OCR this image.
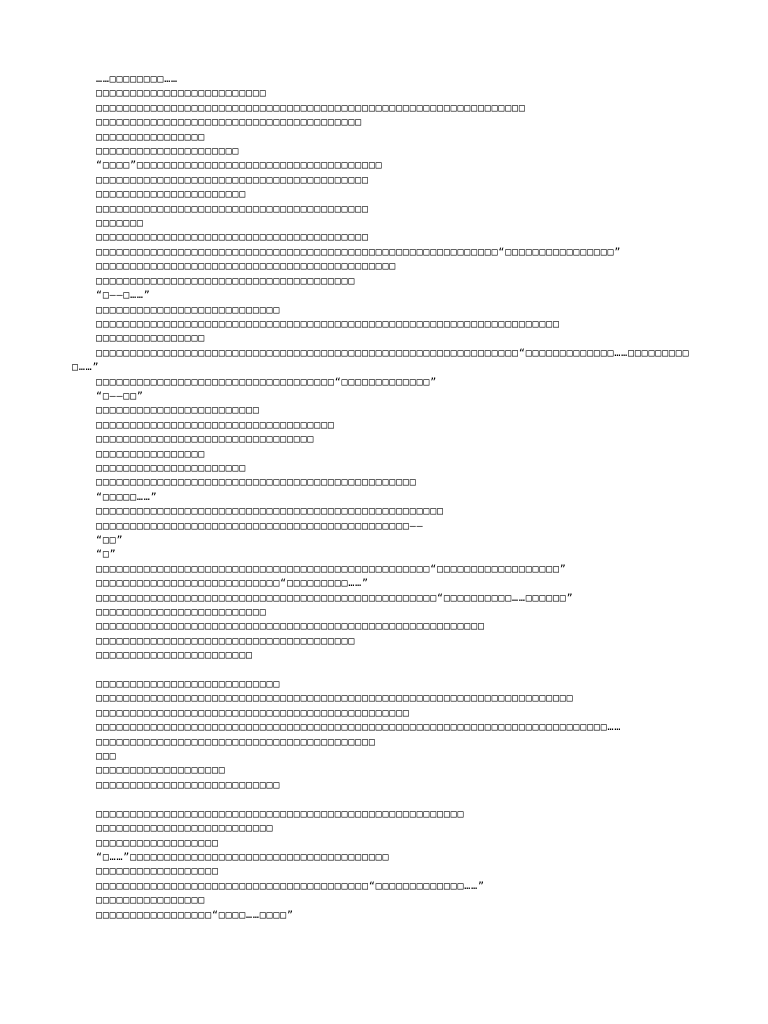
……□□□□□□□□……
□□□□□□□□□□□□□□□□□□□□□□□□□
□□□□□□□□□□□□□□□□□□□□□□□□□□□□□□□□□□□□□□□□□□□□□□□□□□□□□□□□□□□□□□□
□□□□□□□□□□□□□□□□□□□□□□□□□□□□□□□□□□□□□□□
□□□□□□□□□□□□□□□□
□□□□□□□□□□□□□□□□□□□□□
“□□□□”□□□□□□□□□□□□□□□□□□□□□□□□□□□□□□□□□□□□
□□□□□□□□□□□□□□□□□□□□□□□□□□□□□□□□□□□□□□□□
□□□□□□□□□□□□□□□□□□□□□□
□□□□□□□□□□□□□□□□□□□□□□□□□□□□□□□□□□□□□□□□
□□□□□□□
□□□□□□□□□□□□□□□□□□□□□□□□□□□□□□□□□□□□□□□□
□□□□□□□□□□□□□□□□□□□□□□□□□□□□□□□□□□□□□□□□□□□□□□□□□□□□□□□□□□□“□□□□□□□□□□□□□□□□”
□□□□□□□□□□□□□□□□□□□□□□□□□□□□□□□□□□□□□□□□□□□□
□□□□□□□□□□□□□□□□□□□□□□□□□□□□□□□□□□□□□□
“□——□……”
□□□□□□□□□□□□□□□□□□□□□□□□□□□
□□□□□□□□□□□□□□□□□□□□□□□□□□□□□□□□□□□□□□□□□□□□□□□□□□□□□□□□□□□□□□□□□□□□
□□□□□□□□□□□□□□□□
□□□□□□□□□□□□□□□□□□□□□□□□□□□□□□□□□□□□□□□□□□□□□□□□□□□□□□□□□□□□□□“□□□□□□□□□□□□□……□□□□□□□□□
□……”
□□□□□□□□□□□□□□□□□□□□□□□□□□□□□□□□□□□“□□□□□□□□□□□□□”
“□——□□”
□□□□□□□□□□□□□□□□□□□□□□□□
□□□□□□□□□□□□□□□□□□□□□□□□□□□□□□□□□□□
□□□□□□□□□□□□□□□□□□□□□□□□□□□□□□□□
□□□□□□□□□□□□□□□□
□□□□□□□□□□□□□□□□□□□□□□
□□□□□□□□□□□□□□□□□□□□□□□□□□□□□□□□□□□□□□□□□□□□□□□
“□□□□□……”
□□□□□□□□□□□□□□□□□□□□□□□□□□□□□□□□□□□□□□□□□□□□□□□□□□□
□□□□□□□□□□□□□□□□□□□□□□□□□□□□□□□□□□□□□□□□□□□□□□——
“□□”
“□”
□□□□□□□□□□□□□□□□□□□□□□□□□□□□□□□□□□□□□□□□□□□□□□□□□“□□□□□□□□□□□□□□□□□□”
□□□□□□□□□□□□□□□□□□□□□□□□□□□“□□□□□□□□□……”
□□□□□□□□□□□□□□□□□□□□□□□□□□□□□□□□□□□□□□□□□□□□□□□□□□“□□□□□□□□□□……□□□□□□”
□□□□□□□□□□□□□□□□□□□□□□□□□
□□□□□□□□□□□□□□□□□□□□□□□□□□□□□□□□□□□□□□□□□□□□□□□□□□□□□□□□□
□□□□□□□□□□□□□□□□□□□□□□□□□□□□□□□□□□□□□□
□□□□□□□□□□□□□□□□□□□□□□□
□□□□□□□□□□□□□□□□□□□□□□□□□□□
□□□□□□□□□□□□□□□□□□□□□□□□□□□□□□□□□□□□□□□□□□□□□□□□□□□□□□□□□□□□□□□□□□□□□□
□□□□□□□□□□□□□□□□□□□□□□□□□□□□□□□□□□□□□□□□□□□□□□
□□□□□□□□□□□□□□□□□□□□□□□□□□□□□□□□□□□□□□□□□□□□□□□□□□□□□□□□□□□□□□□□□□□□□□□□□□□……
□□□□□□□□□□□□□□□□□□□□□□□□□□□□□□□□□□□□□□□□□
□□□
□□□□□□□□□□□□□□□□□□□
□□□□□□□□□□□□□□□□□□□□□□□□□□□
□□□□□□□□□□□□□□□□□□□□□□□□□□□□□□□□□□□□□□□□□□□□□□□□□□□□□□
□□□□□□□□□□□□□□□□□□□□□□□□□□
□□□□□□□□□□□□□□□□□□
“□……”□□□□□□□□□□□□□□□□□□□□□□□□□□□□□□□□□□□□□□
□□□□□□□□□□□□□□□□□□
□□□□□□□□□□□□□□□□□□□□□□□□□□□□□□□□□□□□□□□□“□□□□□□□□□□□□□……”
□□□□□□□□□□□□□□□□
□□□□□□□□□□□□□□□□□“□□□□……□□□□”
